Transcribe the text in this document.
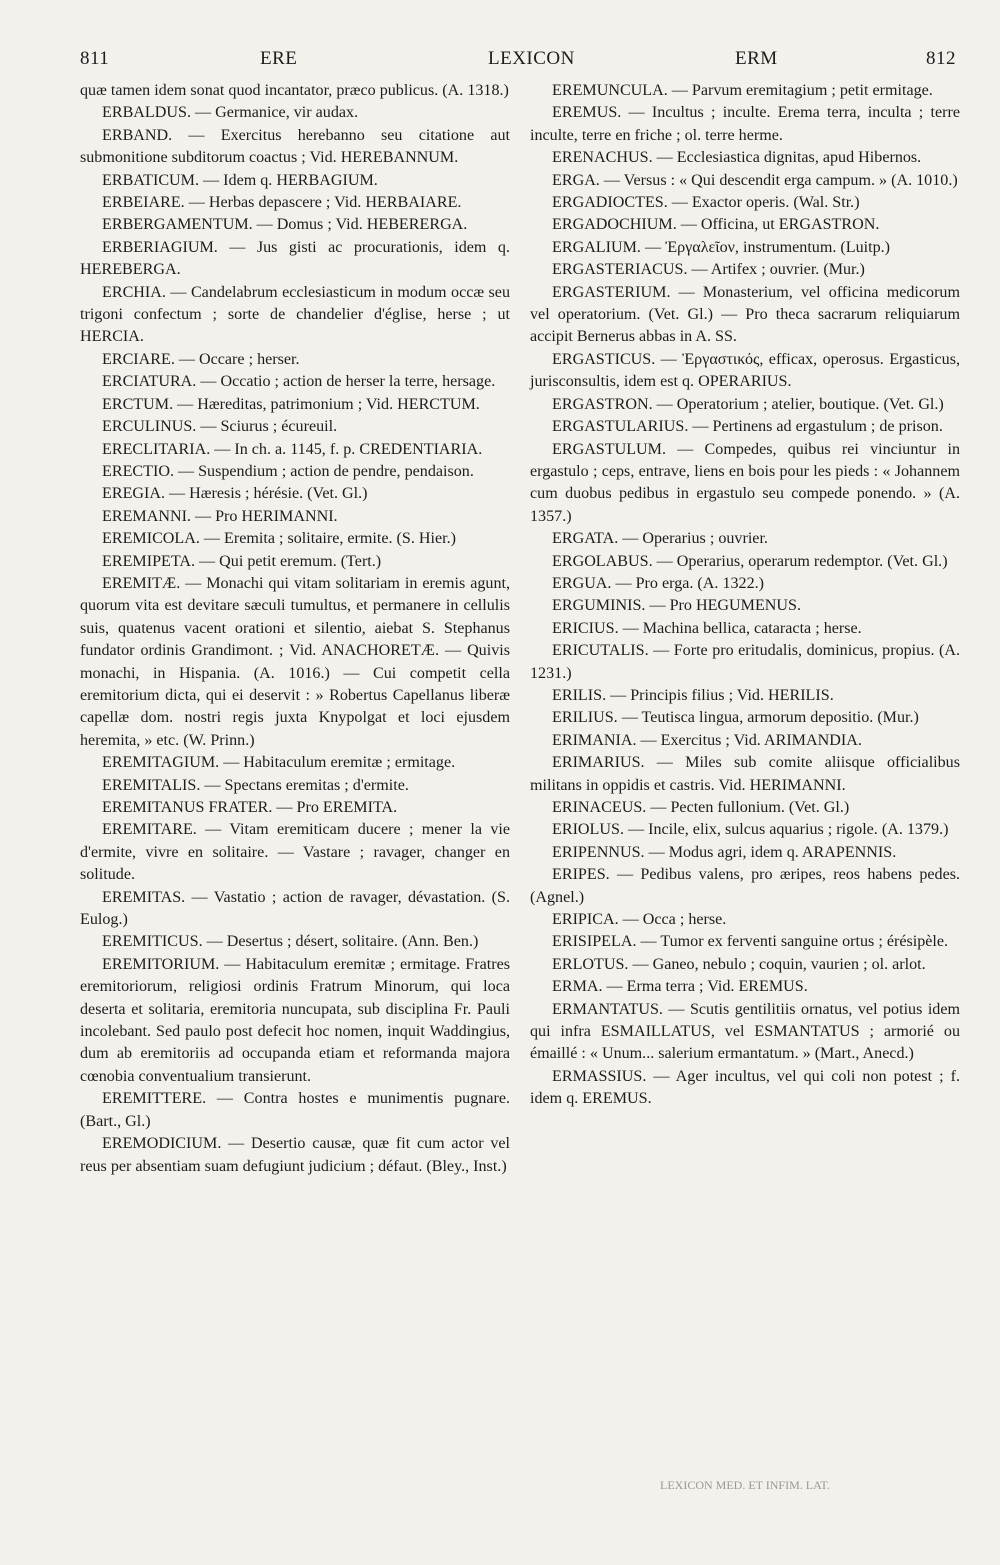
811	ERE	LEXICON	ERM	812

quæ tamen idem sonat quod incantator, præco publicus. (A. 1318.)

ERBALDUS. — Germanice, vir audax.

ERBAND. — Exercitus herebanno seu citatione aut submonitione subditorum coactus ; Vid. HEREBANNUM.

ERBATICUM. — Idem q. HERBAGIUM.

ERBEIARE. — Herbas depascere ; Vid. HERBAIARE.

ERBERGAMENTUM. — Domus ; Vid. HEBERERGA.

ERBERIAGIUM. — Jus gisti ac procurationis, idem q. HEREBERGA.

ERCHIA. — Candelabrum ecclesiasticum in modum occæ seu trigoni confectum ; sorte de chandelier d'église, herse ; ut HERCIA.

ERCIARE. — Occare ; herser.

ERCIATURA. — Occatio ; action de herser la terre, hersage.

ERCTUM. — Hæreditas, patrimonium ; Vid. HERCTUM.

ERCULINUS. — Sciurus ; écureuil.

ERECLITARIA. — In ch. a. 1145, f. p. CREDENTIARIA.

ERECTIO. — Suspendium ; action de pendre, pendaison.

EREGIA. — Hæresis ; hérésie. (Vet. Gl.)

EREMANNI. — Pro HERIMANNI.

EREMICOLA. — Eremita ; solitaire, ermite. (S. Hier.)

EREMIPETA. — Qui petit eremum. (Tert.)

EREMITÆ. — Monachi qui vitam solitariam in eremis agunt, quorum vita est devitare sæculi tumultus, et permanere in cellulis suis, quatenus vacent orationi et silentio, aiebat S. Stephanus fundator ordinis Grandimont. ; Vid. ANACHORETÆ. — Quivis monachi, in Hispania. (A. 1016.) — Cui competit cella eremitorium dicta, qui ei deservit : » Robertus Capellanus liberæ capellæ dom. nostri regis juxta Knypolgat et loci ejusdem heremita, » etc. (W. Prinn.)

EREMITAGIUM. — Habitaculum eremitæ ; ermitage.

EREMITALIS. — Spectans eremitas ; d'ermite.

EREMITANUS FRATER. — Pro EREMITA.

EREMITARE. — Vitam eremiticam ducere ; mener la vie d'ermite, vivre en solitaire. — Vastare ; ravager, changer en solitude.

EREMITAS. — Vastatio ; action de ravager, dévastation. (S. Eulog.)

EREMITICUS. — Desertus ; désert, solitaire. (Ann. Ben.)

EREMITORIUM. — Habitaculum eremitæ ; ermitage. Fratres eremitoriorum, religiosi ordinis Fratrum Minorum, qui loca deserta et solitaria, eremitoria nuncupata, sub disciplina Fr. Pauli incolebant. Sed paulo post defecit hoc nomen, inquit Waddingius, dum ab eremitoriis ad occupanda etiam et reformanda majora cœnobia conventualium transierunt.

EREMITTERE. — Contra hostes e munimentis pugnare. (Bart., Gl.)

EREMODICIUM. — Desertio causæ, quæ fit cum actor vel reus per absentiam suam defugiunt judicium ; défaut. (Bley., Inst.)

EREMUNCULA. — Parvum eremitagium ; petit ermitage.

EREMUS. — Incultus ; inculte. Erema terra, inculta ; terre inculte, terre en friche ; ol. terre herme.

ERENACHUS. — Ecclesiastica dignitas, apud Hibernos.

ERGA. — Versus : « Qui descendit erga campum. » (A. 1010.)

ERGADIOCTES. — Exactor operis. (Wal. Str.)

ERGADOCHIUM. — Officina, ut ERGASTRON.

ERGALIUM. — Ἐργαλεῖον, instrumentum. (Luitp.)

ERGASTERIACUS. — Artifex ; ouvrier. (Mur.)

ERGASTERIUM. — Monasterium, vel officina medicorum vel operatorium. (Vet. Gl.) — Pro theca sacrarum reliquiarum accipit Bernerus abbas in A. SS.

ERGASTICUS. — Ἐργαστικός, efficax, operosus. Ergasticus, jurisconsultis, idem est q. OPERARIUS.

ERGASTRON. — Operatorium ; atelier, boutique. (Vet. Gl.)

ERGASTULARIUS. — Pertinens ad ergastulum ; de prison.

ERGASTULUM. — Compedes, quibus rei vinciuntur in ergastulo ; ceps, entrave, liens en bois pour les pieds : « Johannem cum duobus pedibus in ergastulo seu compede ponendo. » (A. 1357.)

ERGATA. — Operarius ; ouvrier.

ERGOLABUS. — Operarius, operarum redemptor. (Vet. Gl.)

ERGUA. — Pro erga. (A. 1322.)

ERGUMINIS. — Pro HEGUMENUS.

ERICIUS. — Machina bellica, cataracta ; herse.

ERICUTALIS. — Forte pro eritudalis, dominicus, propius. (A. 1231.)

ERILIS. — Principis filius ; Vid. HERILIS.

ERILIUS. — Teutisca lingua, armorum depositio. (Mur.)

ERIMANIA. — Exercitus ; Vid. ARIMANDIA.

ERIMARIUS. — Miles sub comite aliisque officialibus militans in oppidis et castris. Vid. HERIMANNI.

ERINACEUS. — Pecten fullonium. (Vet. Gl.)

ERIOLUS. — Incile, elix, sulcus aquarius ; rigole. (A. 1379.)

ERIPENNUS. — Modus agri, idem q. ARAPENNIS.

ERIPES. — Pedibus valens, pro æripes, reos habens pedes. (Agnel.)

ERIPICA. — Occa ; herse.

ERISIPELA. — Tumor ex ferventi sanguine ortus ; érésipèle.

ERLOTUS. — Ganeo, nebulo ; coquin, vaurien ; ol. arlot.

ERMA. — Erma terra ; Vid. EREMUS.

ERMANTATUS. — Scutis gentilitiis ornatus, vel potius idem qui infra ESMAILLATUS, vel ESMANTATUS ; armorié ou émaillé : « Unum... salerium ermantatum. » (Mart., Anecd.)

ERMASSIUS. — Ager incultus, vel qui coli non potest ; f. idem q. EREMUS.

LEXICON MED. ET INFIM. LAT.
